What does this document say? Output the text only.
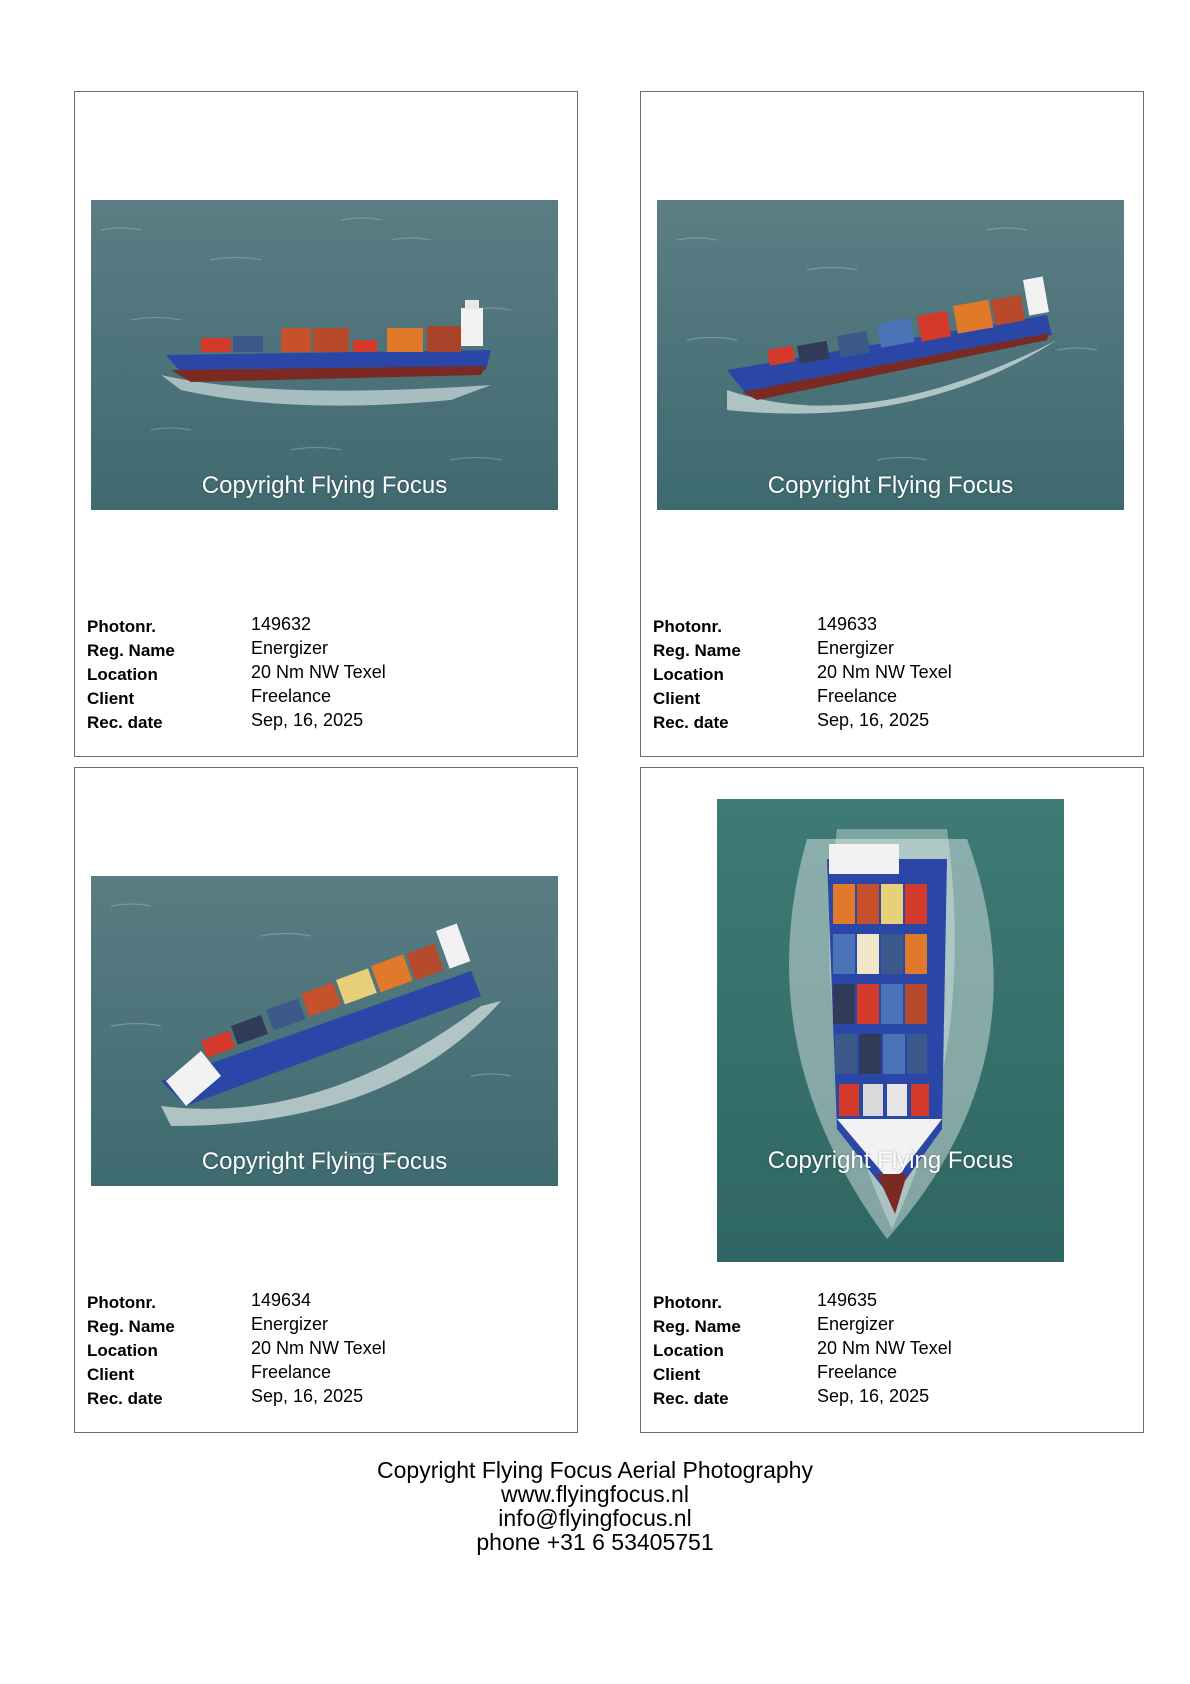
Copyright Flying Focus
Photonr.	149632
Reg. Name	Energizer
Location	20 Nm NW Texel
Client	Freelance
Rec. date	Sep, 16, 2025
Copyright Flying Focus
Photonr.	149633
Reg. Name	Energizer
Location	20 Nm NW Texel
Client	Freelance
Rec. date	Sep, 16, 2025
Copyright Flying Focus
Photonr.	149634
Reg. Name	Energizer
Location	20 Nm NW Texel
Client	Freelance
Rec. date	Sep, 16, 2025
Copyright Flying Focus
Photonr.	149635
Reg. Name	Energizer
Location	20 Nm NW Texel
Client	Freelance
Rec. date	Sep, 16, 2025
Copyright Flying Focus Aerial Photography
www.flyingfocus.nl
info@flyingfocus.nl
phone +31 6 53405751
